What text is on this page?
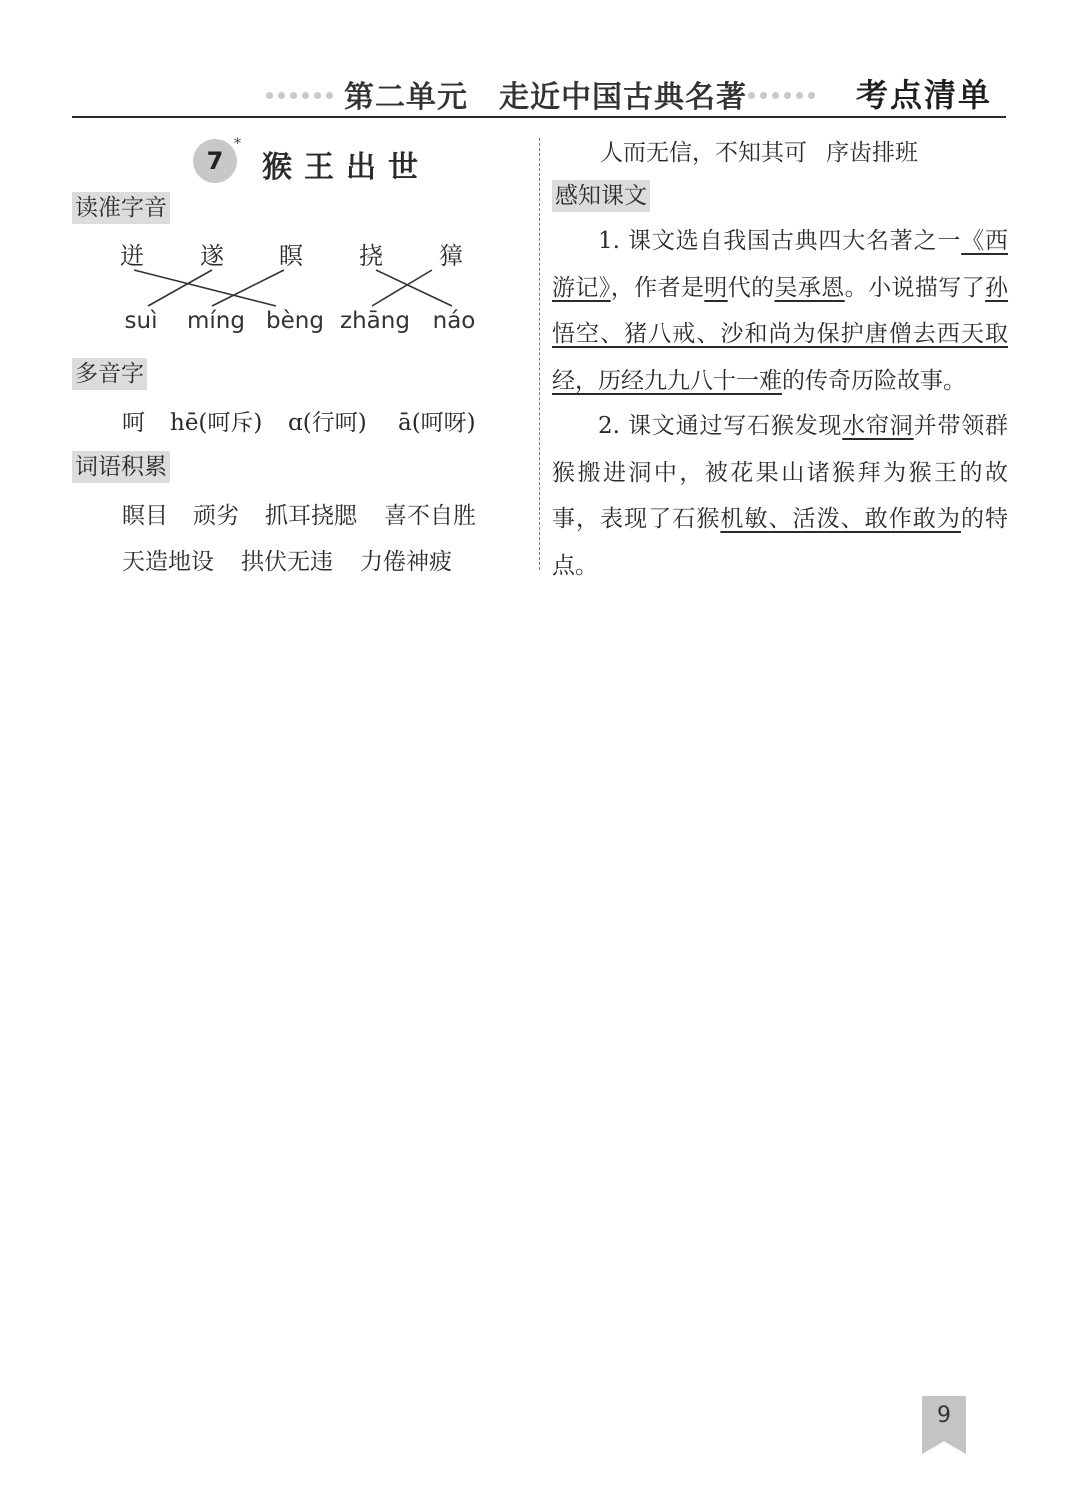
第二单元　走近中国古典名著	考点清单
7
*
猴王出世
读准字音
迸	遂	瞑	挠	獐
suì	míng bèng zhāng náo
多音字
呵 hē(呵斥) ɑ(行呵) ā(呵呀)
词语积累
瞑目 顽劣 抓耳挠腮 喜不自胜
天造地设 拱伏无违 力倦神疲
人而无信，不知其可 序齿排班
感知课文
1. 课文选自我国古典四大名著之一《西游记》，作者是明代的吴承恩。小说描写了孙悟空、猪八戒、沙和尚为保护唐僧去西天取经，历经九九八十一难的传奇历险故事。
2. 课文通过写石猴发现水帘洞并带领群猴搬进洞中，被花果山诸猴拜为猴王的故事，表现了石猴机敏、活泼、敢作敢为的特点。
9
